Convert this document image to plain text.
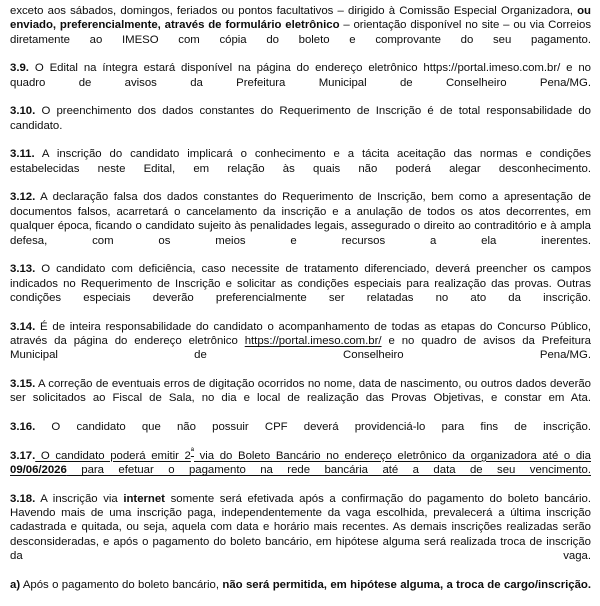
exceto aos sábados, domingos, feriados ou pontos facultativos – dirigido à Comissão Especial Organizadora, ou enviado, preferencialmente, através de formulário eletrônico – orientação disponível no site – ou via Correios diretamente ao IMESO com cópia do boleto e comprovante do seu pagamento.

3.9. O Edital na íntegra estará disponível na página do endereço eletrônico https://portal.imeso.com.br/ e no quadro de avisos da Prefeitura Municipal de Conselheiro Pena/MG.

3.10. O preenchimento dos dados constantes do Requerimento de Inscrição é de total responsabilidade do candidato.

3.11. A inscrição do candidato implicará o conhecimento e a tácita aceitação das normas e condições estabelecidas neste Edital, em relação às quais não poderá alegar desconhecimento.

3.12. A declaração falsa dos dados constantes do Requerimento de Inscrição, bem como a apresentação de documentos falsos, acarretará o cancelamento da inscrição e a anulação de todos os atos decorrentes, em qualquer época, ficando o candidato sujeito às penalidades legais, assegurado o direito ao contraditório e à ampla defesa, com os meios e recursos a ela inerentes.

3.13. O candidato com deficiência, caso necessite de tratamento diferenciado, deverá preencher os campos indicados no Requerimento de Inscrição e solicitar as condições especiais para realização das provas. Outras condições especiais deverão preferencialmente ser relatadas no ato da inscrição.

3.14. É de inteira responsabilidade do candidato o acompanhamento de todas as etapas do Concurso Público, através da página do endereço eletrônico https://portal.imeso.com.br/ e no quadro de avisos da Prefeitura Municipal de Conselheiro Pena/MG.

3.15. A correção de eventuais erros de digitação ocorridos no nome, data de nascimento, ou outros dados deverão ser solicitados ao Fiscal de Sala, no dia e local de realização das Provas Objetivas, e constar em Ata.

3.16. O candidato que não possuir CPF deverá providenciá-lo para fins de inscrição.

3.17. O candidato poderá emitir $2^ª$ via do Boleto Bancário no endereço eletrônico da organizadora até o dia 09/06/2026 para efetuar o pagamento na rede bancária até a data de seu vencimento.

3.18. A inscrição via internet somente será efetivada após a confirmação do pagamento do boleto bancário. Havendo mais de uma inscrição paga, independentemente da vaga escolhida, prevalecerá a última inscrição cadastrada e quitada, ou seja, aquela com data e horário mais recentes. As demais inscrições realizadas serão desconsideradas, e após o pagamento do boleto bancário, em hipótese alguma será realizada troca de inscrição da vaga.

a) Após o pagamento do boleto bancário, não será permitida, em hipótese alguma, a troca de cargo/inscrição.
